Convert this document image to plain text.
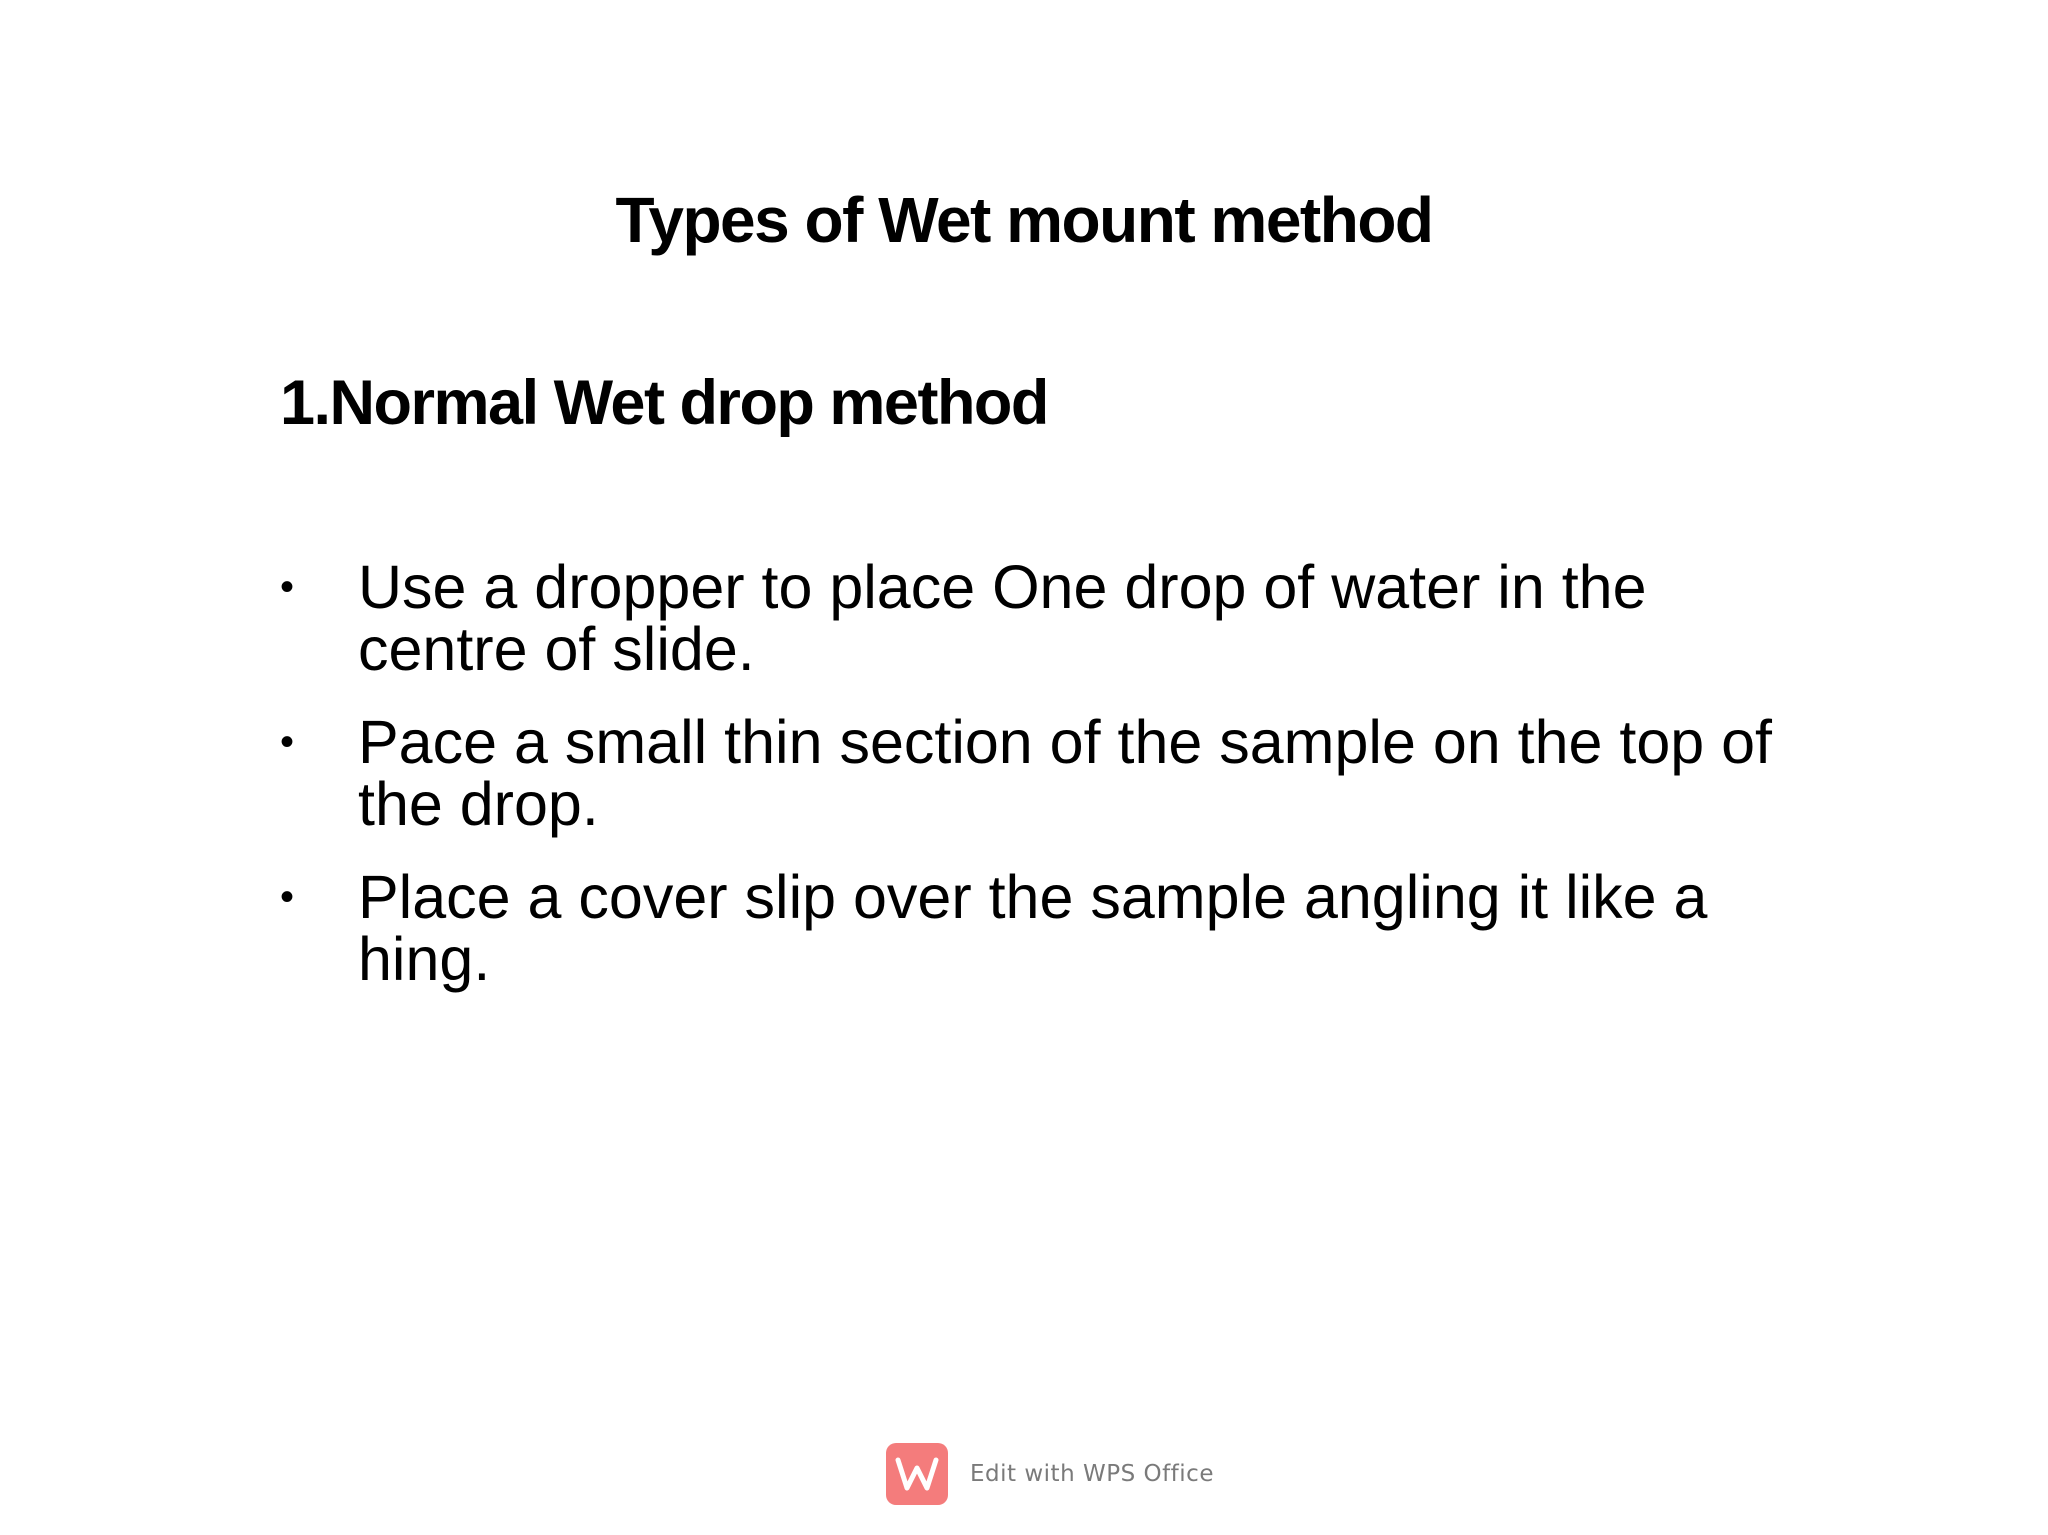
Types of Wet mount method
1.Normal Wet drop method
• Use a dropper to place One drop of water in the centre of slide.
• Pace a small thin section of the sample on the top of the drop.
• Place a cover slip over the sample angling it like a hing.
Edit with WPS Office
